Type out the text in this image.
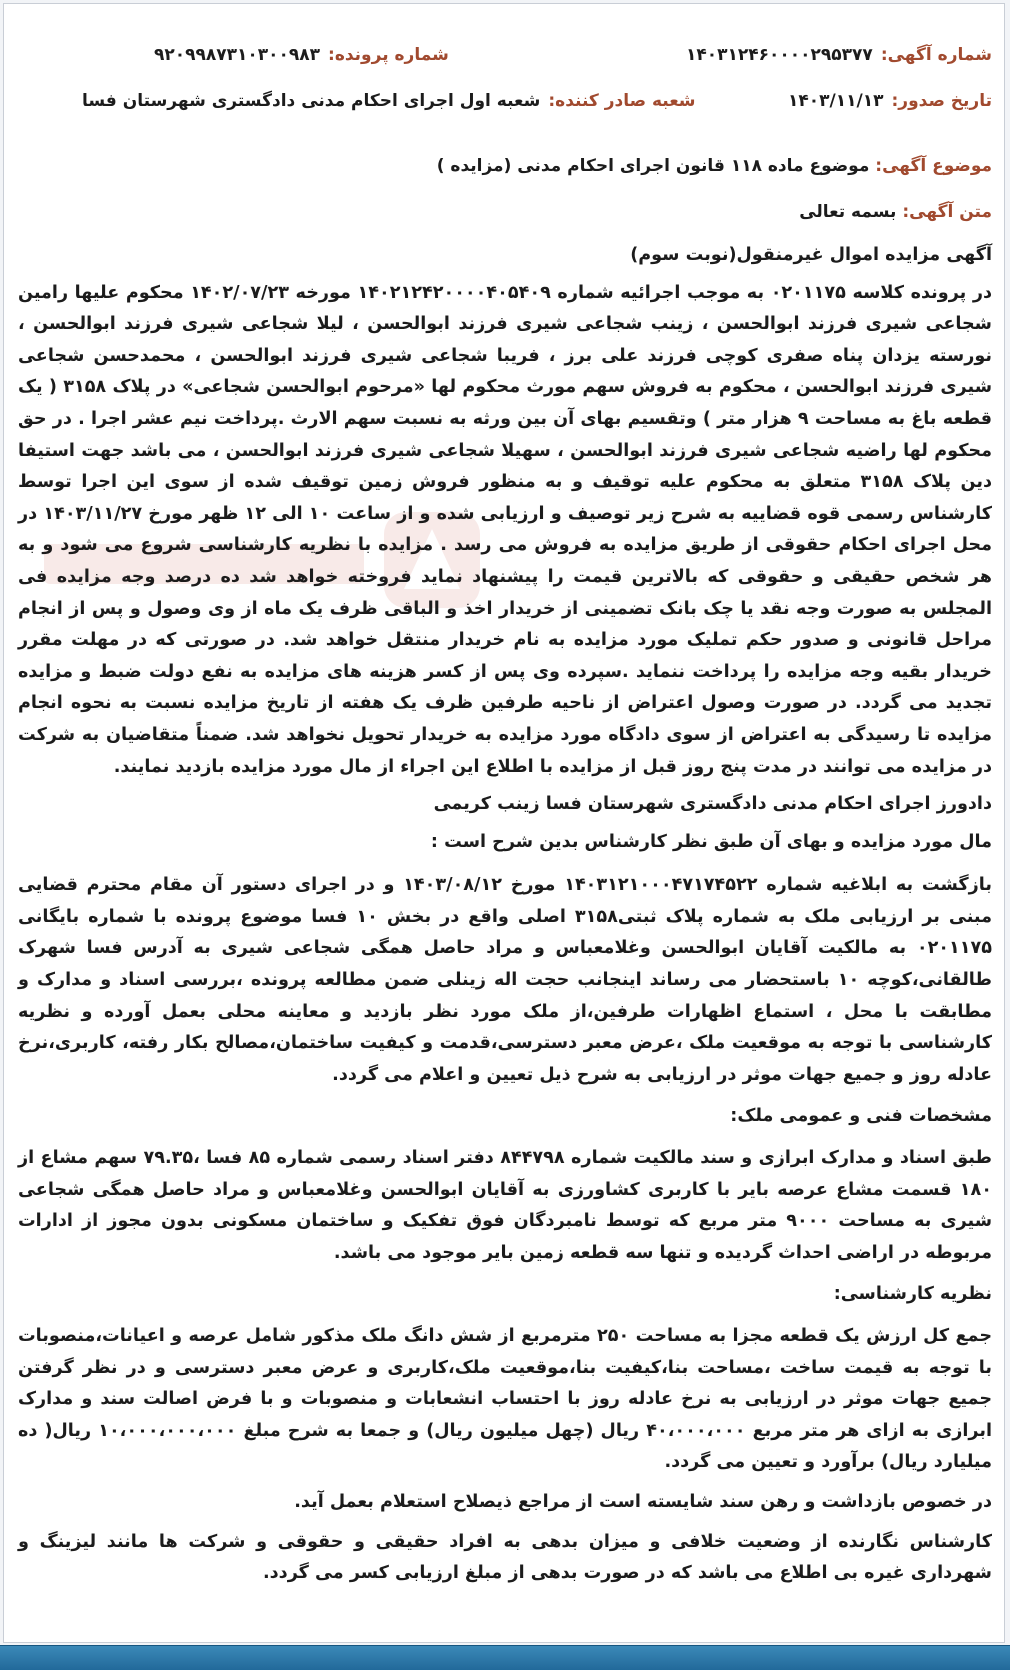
شماره آگهی:
۱۴۰۳۱۲۴۶۰۰۰۰۲۹۵۳۷۷
شماره پرونده:
۹۲۰۹۹۸۷۳۱۰۳۰۰۹۸۳
تاریخ صدور:
۱۴۰۳/۱۱/۱۳
شعبه صادر کننده:
شعبه اول اجرای احکام مدنی دادگستری شهرستان فسا
موضوع آگهی: موضوع ماده ۱۱۸ قانون اجرای احکام مدنی (مزایده )
متن آگهی: بسمه تعالی

آگهی مزایده اموال غیرمنقول(نوبت سوم)

در پرونده کلاسه ۰۲۰۱۱۷۵ به موجب اجرائیه شماره ۱۴۰۲۱۲۴۲۰۰۰۰۴۰۵۴۰۹ مورخه ۱۴۰۲/۰۷/۲۳ محکوم علیها رامین شجاعی شیری فرزند ابوالحسن ، زینب شجاعی شیری فرزند ابوالحسن ، لیلا شجاعی شیری فرزند ابوالحسن ، نورسته یزدان پناه صفری کوچی فرزند علی برز ، فریبا شجاعی شیری فرزند ابوالحسن ، محمدحسن شجاعی شیری فرزند ابوالحسن ، محکوم به فروش سهم مورث محکوم لها «مرحوم ابوالحسن شجاعی» در پلاک ۳۱۵۸ ( یک قطعه باغ به مساحت ۹ هزار متر ) وتقسیم بهای آن بین ورثه به نسبت سهم الارث .پرداخت نیم عشر اجرا . در حق محکوم لها راضیه شجاعی شیری فرزند ابوالحسن ، سهیلا شجاعی شیری فرزند ابوالحسن ، می باشد جهت استیفا دین پلاک ۳۱۵۸ متعلق به محکوم علیه توقیف و به منظور فروش زمین توقیف شده از سوی این اجرا توسط کارشناس رسمی قوه قضاییه به شرح زیر توصیف و ارزیابی شده و از ساعت ۱۰ الی ۱۲ ظهر مورخ ۱۴۰۳/۱۱/۲۷ در محل اجرای احکام حقوقی از طریق مزایده به فروش می رسد . مزایده با نظریه کارشناسی شروع می شود و به هر شخص حقیقی و حقوقی که بالاترین قیمت را پیشنهاد نماید فروخته خواهد شد ده درصد وجه مزایده فی المجلس به صورت وجه نقد یا چک بانک تضمینی از خریدار اخذ و الباقی ظرف یک ماه از وی وصول و پس از انجام مراحل قانونی و صدور حکم تملیک مورد مزایده به نام خریدار منتقل خواهد شد. در صورتی که در مهلت مقرر خریدار بقیه وجه مزایده را پرداخت ننماید .سپرده وی پس از کسر هزینه های مزایده به نفع دولت ضبط و مزایده تجدید می گردد. در صورت وصول اعتراض از ناحیه طرفین ظرف یک هفته از تاریخ مزایده نسبت به نحوه انجام مزایده تا رسیدگی به اعتراض از سوی دادگاه مورد مزایده به خریدار تحویل نخواهد شد. ضمناً متقاضیان به شرکت در مزایده می توانند در مدت پنج روز قبل از مزایده با اطلاع این اجراء از مال مورد مزایده بازدید نمایند.

دادورز اجرای احکام مدنی دادگستری شهرستان فسا زینب کریمی

مال مورد مزایده و بهای آن طبق نظر کارشناس بدین شرح است :

بازگشت به ابلاغیه شماره ۱۴۰۳۱۲۱۰۰۰۴۷۱۷۴۵۲۲ مورخ ۱۴۰۳/۰۸/۱۲ و در اجرای دستور آن مقام محترم قضایی مبنی بر ارزیابی ملک به شماره پلاک ثبتی۳۱۵۸ اصلی واقع در بخش ۱۰ فسا موضوع پرونده با شماره بایگانی ۰۲۰۱۱۷۵ به مالکیت آقایان ابوالحسن وغلامعباس و مراد حاصل همگی شجاعی شیری به آدرس فسا شهرک طالقانی،کوچه ۱۰ باستحضار می رساند اینجانب حجت اله زینلی ضمن مطالعه پرونده ،بررسی اسناد و مدارک و مطابقت با محل ، استماع اظهارات طرفین،از ملک مورد نظر بازدید و معاینه محلی بعمل آورده و نظریه کارشناسی با توجه به موقعیت ملک ،عرض معبر دسترسی،قدمت و کیفیت ساختمان،مصالح بکار رفته، کاربری،نرخ عادله روز و جمیع جهات موثر در ارزیابی به شرح ذیل تعیین و اعلام می گردد.

مشخصات فنی و عمومی ملک:

طبق اسناد و مدارک ابرازی و سند مالکیت شماره ۸۴۴۷۹۸ دفتر اسناد رسمی شماره ۸۵ فسا ،۷۹.۳۵ سهم مشاع از ۱۸۰ قسمت مشاع عرصه بایر با کاربری کشاورزی به آقایان ابوالحسن وغلامعباس و مراد حاصل همگی شجاعی شیری به مساحت ۹۰۰۰ متر مربع که توسط نامبردگان فوق تفکیک و ساختمان مسکونی بدون مجوز از ادارات مربوطه در اراضی احداث گردیده و تنها سه قطعه زمین بایر موجود می باشد.

نظریه کارشناسی:

جمع کل ارزش یک قطعه مجزا به مساحت ۲۵۰ مترمربع از شش دانگ ملک مذکور شامل عرصه و اعیانات،منصوبات با توجه به قیمت ساخت ،مساحت بنا،کیفیت بنا،موقعیت ملک،کاربری و عرض معبر دسترسی و در نظر گرفتن جمیع جهات موثر در ارزیابی به نرخ عادله روز با احتساب انشعابات و منصوبات و با فرض اصالت سند و مدارک ابرازی به ازای هر متر مربع ۴۰،۰۰۰،۰۰۰ ریال (چهل میلیون ریال) و جمعا به شرح مبلغ ۱۰،۰۰۰،۰۰۰،۰۰۰ ریال( ده میلیارد ریال) برآورد و تعیین می گردد.

در خصوص بازداشت و رهن سند شایسته است از مراجع ذیصلاح استعلام بعمل آید.

کارشناس نگارنده از وضعیت خلافی و میزان بدهی به افراد حقیقی و حقوقی و شرکت ها مانند لیزینگ و شهرداری غیره بی اطلاع می باشد که در صورت بدهی از مبلغ ارزیابی کسر می گردد.
